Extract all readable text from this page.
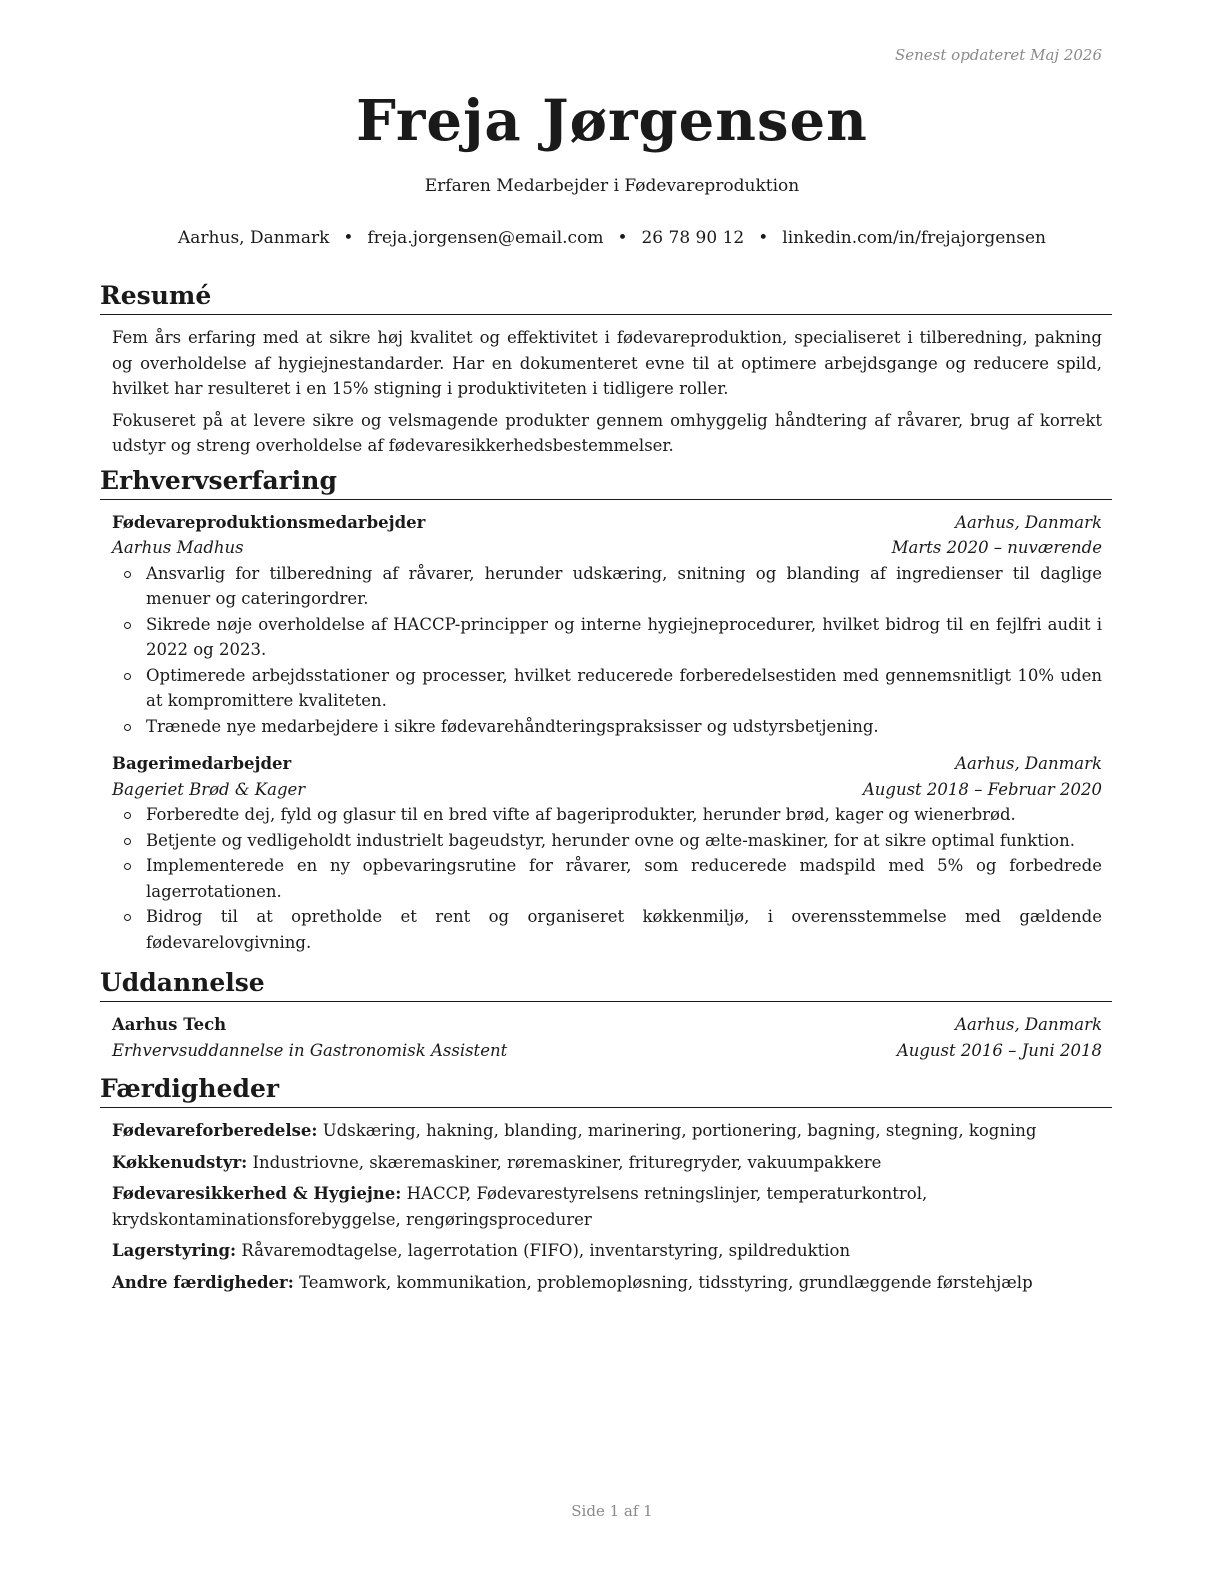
Senest opdateret Maj 2026
Freja Jørgensen
Erfaren Medarbejder i Fødevareproduktion
Aarhus, Danmark • freja.jorgensen@email.com • 26 78 90 12 • linkedin.com/in/frejajorgensen
Resumé

Fem års erfaring med at sikre høj kvalitet og effektivitet i fødevareproduktion, specialiseret i tilberedning, pakning og overholdelse af hygiejnestandarder. Har en dokumenteret evne til at optimere arbejdsgange og reducere spild, hvilket har resulteret i en 15% stigning i produktiviteten i tidligere roller.

Fokuseret på at levere sikre og velsmagende produkter gennem omhyggelig håndtering af råvarer, brug af korrekt udstyr og streng overholdelse af fødevaresikkerhedsbestemmelser.

Erhvervserfaring
Fødevareproduktionsmedarbejder	Aarhus, Danmark
Aarhus Madhus	Marts 2020 – nuværende
Ansvarlig for tilberedning af råvarer, herunder udskæring, snitning og blanding af ingredienser til daglige menuer og cateringordrer.
Sikrede nøje overholdelse af HACCP-principper og interne hygiejneprocedurer, hvilket bidrog til en fejlfri audit i 2022 og 2023.
Optimerede arbejdsstationer og processer, hvilket reducerede forberedelsestiden med gennemsnitligt 10% uden at kompromittere kvaliteten.
Trænede nye medarbejdere i sikre fødevarehåndteringspraksisser og udstyrsbetjening.
Bagerimedarbejder	Aarhus, Danmark
Bageriet Brød & Kager	August 2018 – Februar 2020
Forberedte dej, fyld og glasur til en bred vifte af bageriprodukter, herunder brød, kager og wienerbrød.
Betjente og vedligeholdt industrielt bageudstyr, herunder ovne og ælte-maskiner, for at sikre optimal funktion.
Implementerede en ny opbevaringsrutine for råvarer, som reducerede madspild med 5% og forbedrede lagerrotationen.
Bidrog til at opretholde et rent og organiseret køkkenmiljø, i overensstemmelse med gældende fødevarelovgivning.
Uddannelse
Aarhus Tech	Aarhus, Danmark
Erhvervsuddannelse in Gastronomisk Assistent	August 2016 – Juni 2018
Færdigheder
Fødevareforberedelse: Udskæring, hakning, blanding, marinering, portionering, bagning, stegning, kogning
Køkkenudstyr: Industriovne, skæremaskiner, røremaskiner, frituregryder, vakuumpakkere
Fødevaresikkerhed & Hygiejne: HACCP, Fødevarestyrelsens retningslinjer, temperaturkontrol, krydskontaminationsforebyggelse, rengøringsprocedurer
Lagerstyring: Råvaremodtagelse, lagerrotation (FIFO), inventarstyring, spildreduktion
Andre færdigheder: Teamwork, kommunikation, problemopløsning, tidsstyring, grundlæggende førstehjælp
Side 1 af 1
